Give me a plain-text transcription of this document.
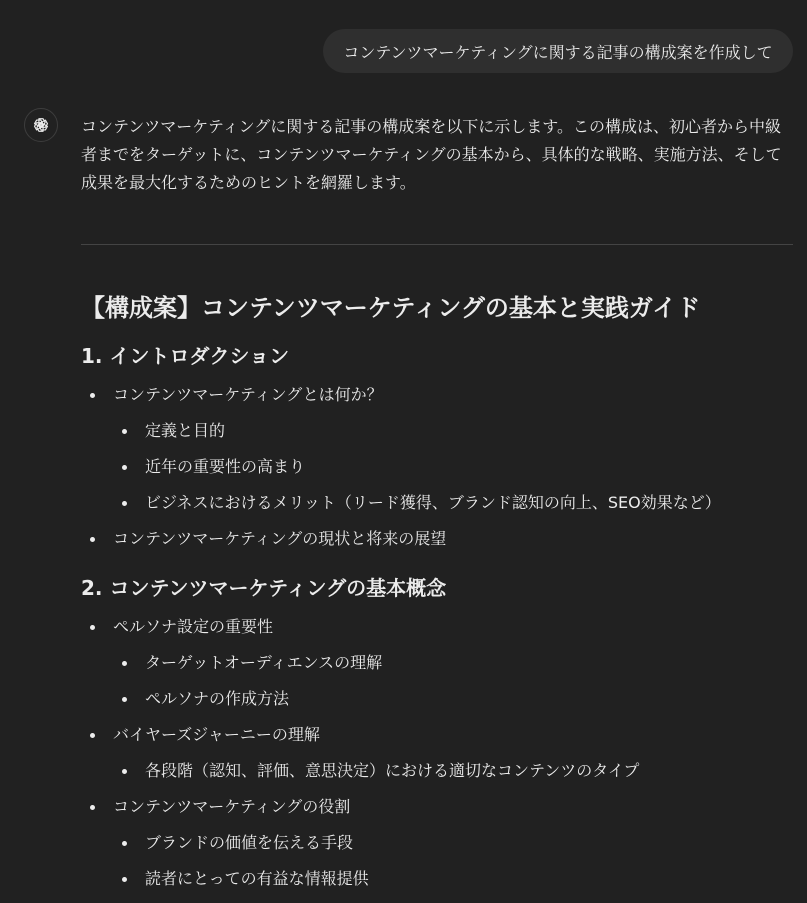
コンテンツマーケティングに関する記事の構成案を作成して

コンテンツマーケティングに関する記事の構成案を以下に示します。この構成は、初心者から中級
者までをターゲットに、コンテンツマーケティングの基本から、具体的な戦略、実施方法、そして
成果を最大化するためのヒントを網羅します。

【構成案】コンテンツマーケティングの基本と実践ガイド
1. イントロダクション
コンテンツマーケティングとは何か？
定義と目的
近年の重要性の高まり
ビジネスにおけるメリット（リード獲得、ブランド認知の向上、SEO効果など）
コンテンツマーケティングの現状と将来の展望
2. コンテンツマーケティングの基本概念
ペルソナ設定の重要性
ターゲットオーディエンスの理解
ペルソナの作成方法
バイヤーズジャーニーの理解
各段階（認知、評価、意思決定）における適切なコンテンツのタイプ
コンテンツマーケティングの役割
ブランドの価値を伝える手段
読者にとっての有益な情報提供
